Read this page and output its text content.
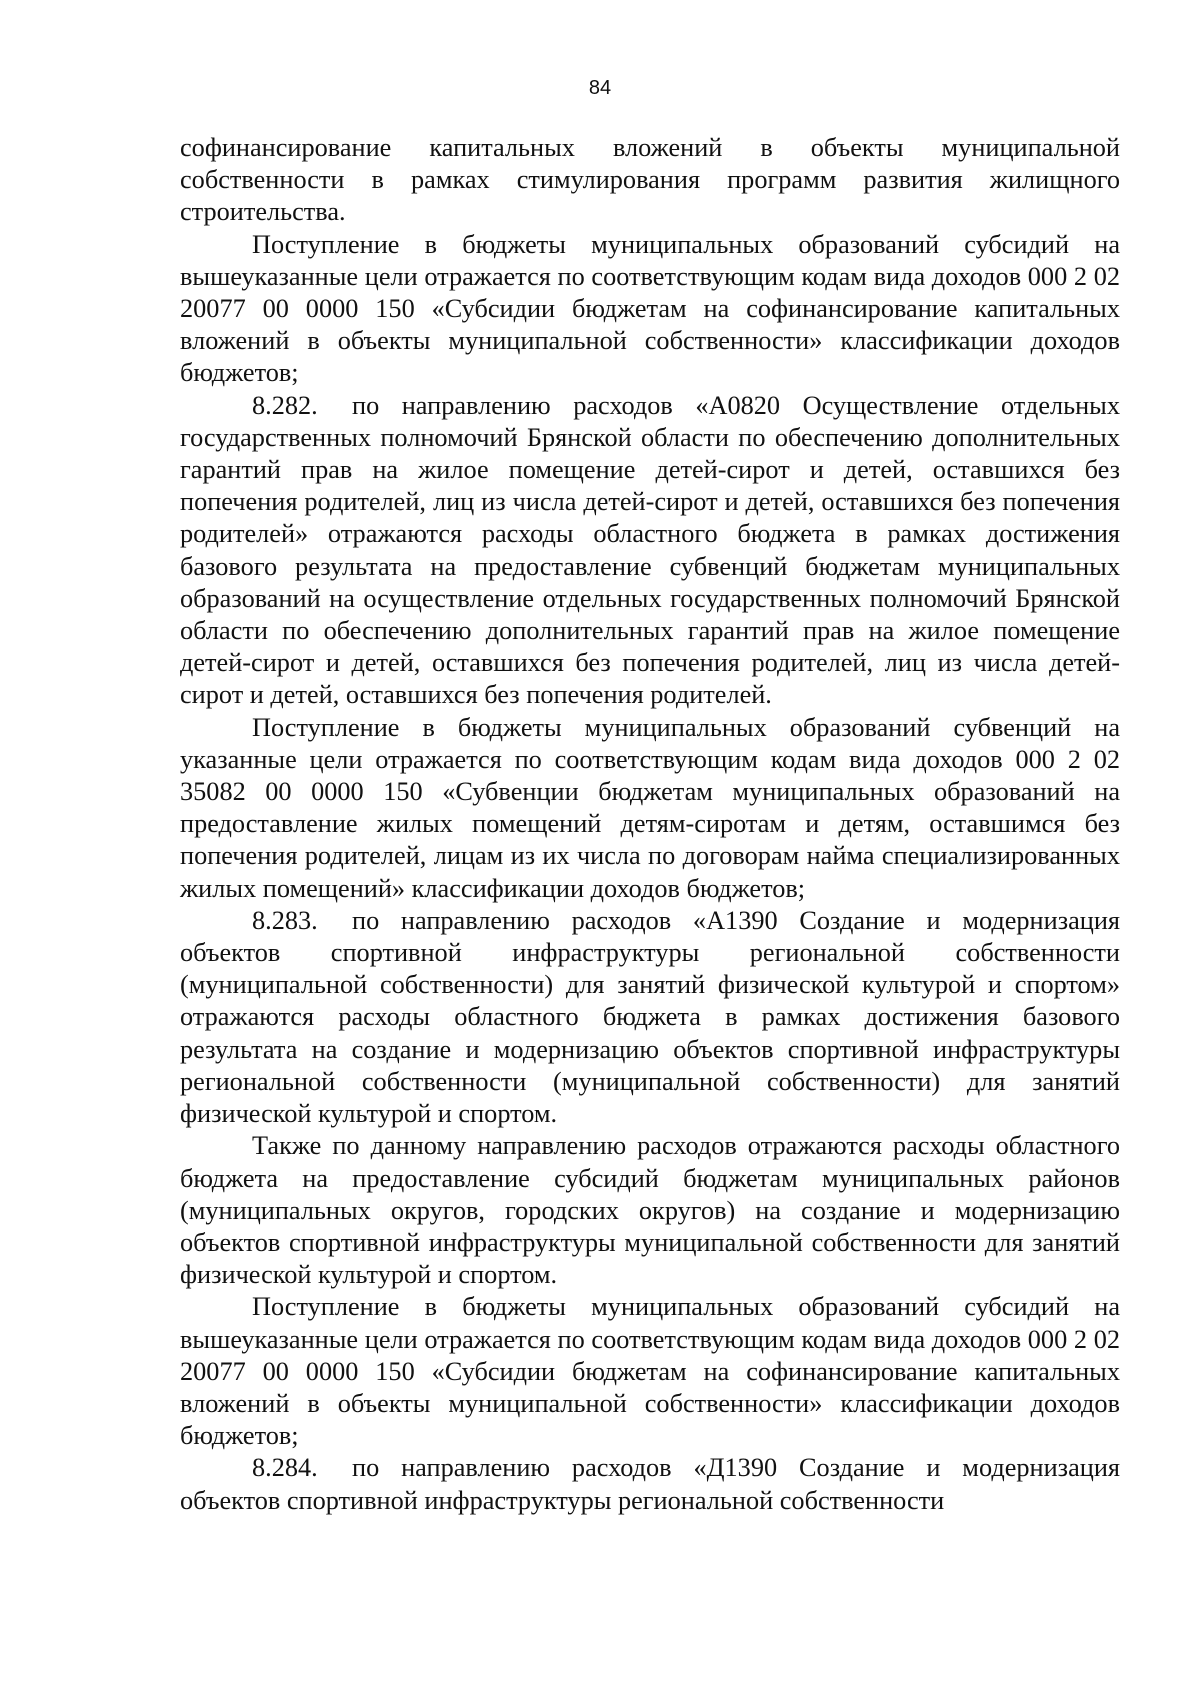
84

софинансирование капитальных вложений в объекты муниципальной собственности в рамках стимулирования программ развития жилищного строительства.

Поступление в бюджеты муниципальных образований субсидий на вышеуказанные цели отражается по соответствующим кодам вида доходов 000 2 02 20077 00 0000 150 «Субсидии бюджетам на софинансирование капитальных вложений в объекты муниципальной собственности» классификации доходов бюджетов;

8.282. по направлению расходов «А0820 Осуществление отдельных государственных полномочий Брянской области по обеспечению дополнительных гарантий прав на жилое помещение детей-сирот и детей, оставшихся без попечения родителей, лиц из числа детей-сирот и детей, оставшихся без попечения родителей» отражаются расходы областного бюджета в рамках достижения базового результата на предоставление субвенций бюджетам муниципальных образований на осуществление отдельных государственных полномочий Брянской области по обеспечению дополнительных гарантий прав на жилое помещение детей-сирот и детей, оставшихся без попечения родителей, лиц из числа детей-сирот и детей, оставшихся без попечения родителей.

Поступление в бюджеты муниципальных образований субвенций на указанные цели отражается по соответствующим кодам вида доходов 000 2 02 35082 00 0000 150 «Субвенции бюджетам муниципальных образований на предоставление жилых помещений детям-сиротам и детям, оставшимся без попечения родителей, лицам из их числа по договорам найма специализированных жилых помещений» классификации доходов бюджетов;

8.283. по направлению расходов «А1390 Создание и модернизация объектов спортивной инфраструктуры региональной собственности (муниципальной собственности) для занятий физической культурой и спортом» отражаются расходы областного бюджета в рамках достижения базового результата на создание и модернизацию объектов спортивной инфраструктуры региональной собственности (муниципальной собственности) для занятий физической культурой и спортом.

Также по данному направлению расходов отражаются расходы областного бюджета на предоставление субсидий бюджетам муниципальных районов (муниципальных округов, городских округов) на создание и модернизацию объектов спортивной инфраструктуры муниципальной собственности для занятий физической культурой и спортом.

Поступление в бюджеты муниципальных образований субсидий на вышеуказанные цели отражается по соответствующим кодам вида доходов 000 2 02 20077 00 0000 150 «Субсидии бюджетам на софинансирование капитальных вложений в объекты муниципальной собственности» классификации доходов бюджетов;

8.284. по направлению расходов «Д1390 Создание и модернизация объектов спортивной инфраструктуры региональной собственности
